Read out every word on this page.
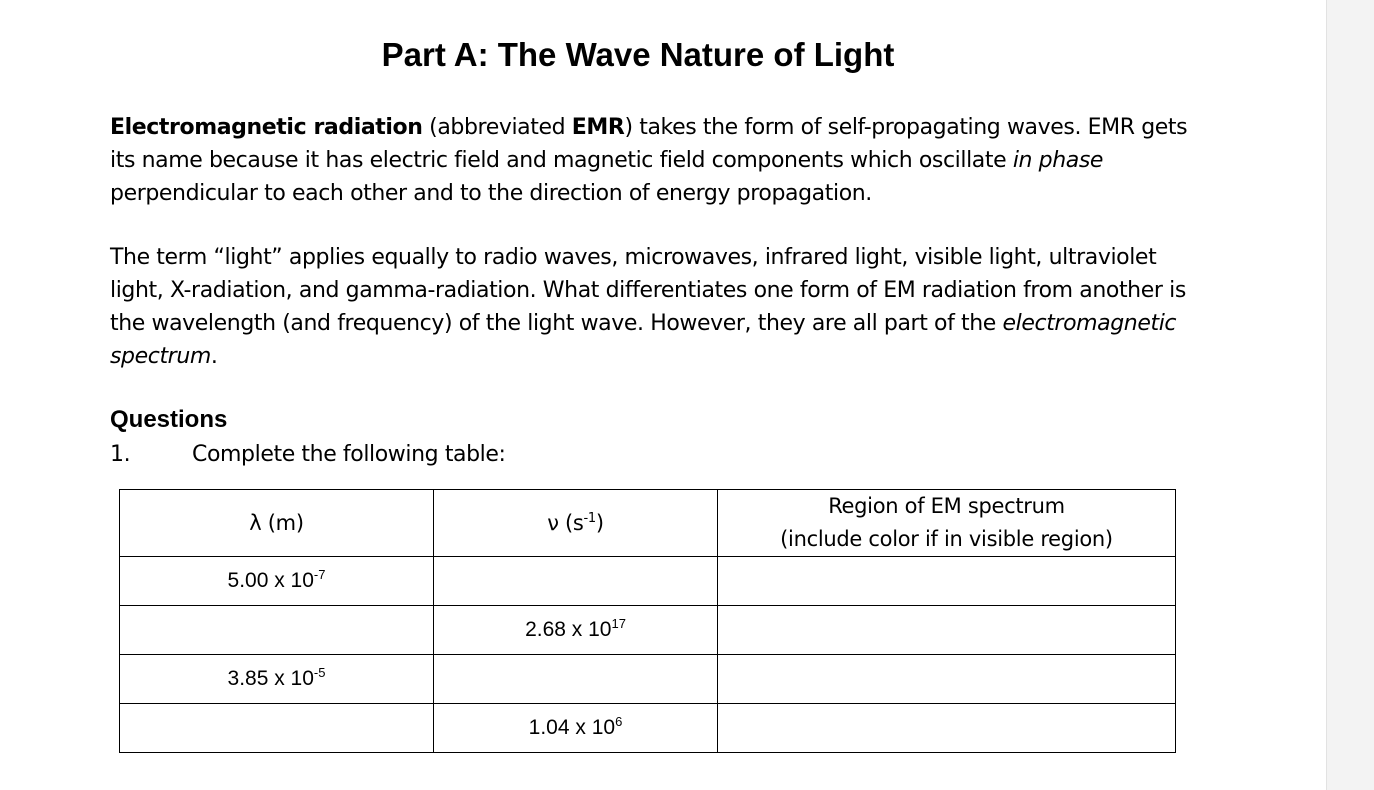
Part A: The Wave Nature of Light

Electromagnetic radiation (abbreviated EMR) takes the form of self-propagating waves. EMR gets its name because it has electric field and magnetic field components which oscillate in phase perpendicular to each other and to the direction of energy propagation.

The term “light” applies equally to radio waves, microwaves, infrared light, visible light, ultraviolet light, X-radiation, and gamma-radiation. What differentiates one form of EM radiation from another is the wavelength (and frequency) of the light wave. However, they are all part of the electromagnetic spectrum.

Questions
1.	Complete the following table:
λ (m)	ν $(s^{-1})$	Region of EM spectrum
(include color if in visible region)
5.00 x $10^{-7}$		
	2.68 x $10^{17}$	
3.85 x $10^{-5}$		
	1.04 x $10^6$	
